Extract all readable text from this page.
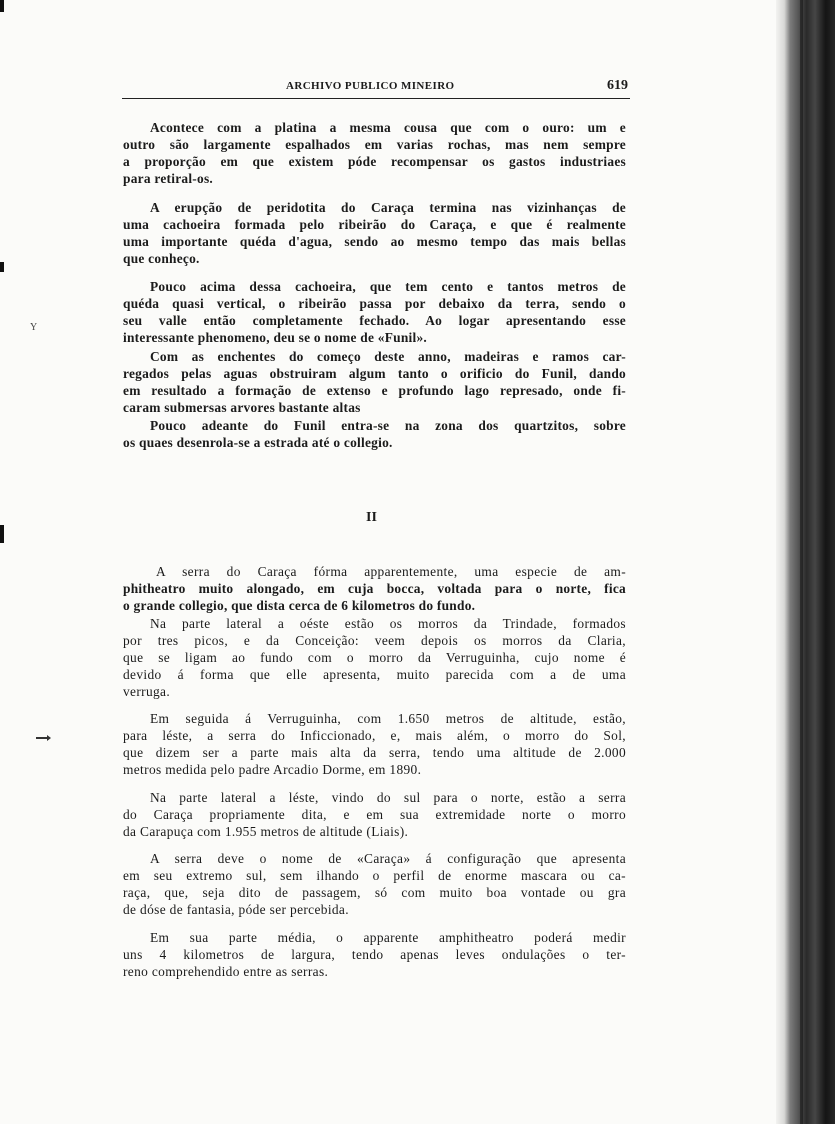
ARCHIVO PUBLICO MINEIRO	619
Y
Acontece com a platina a mesma cousa que com o ouro: um e
outro são largamente espalhados em varias rochas, mas nem sempre
a proporção em que existem póde recompensar os gastos industriaes
para retiral-os.
A erupção de peridotita do Caraça termina nas vizinhanças de
uma cachoeira formada pelo ribeirão do Caraça, e que é realmente
uma importante quéda d'agua, sendo ao mesmo tempo das mais bellas
que conheço.
Pouco acima dessa cachoeira, que tem cento e tantos metros de
quéda quasi vertical, o ribeirão passa por debaixo da terra, sendo o
seu valle então completamente fechado. Ao logar apresentando esse
interessante phenomeno, deu se o nome de «Funil».
Com as enchentes do começo deste anno, madeiras e ramos car-
regados pelas aguas obstruiram algum tanto o orificio do Funil, dando
em resultado a formação de extenso e profundo lago represado, onde fi-
caram submersas arvores bastante altas
Pouco adeante do Funil entra-se na zona dos quartzitos, sobre
os quaes desenrola-se a estrada até o collegio.
II
A serra do Caraça fórma apparentemente, uma especie de am-
phitheatro muito alongado, em cuja bocca, voltada para o norte, fica
o grande collegio, que dista cerca de 6 kilometros do fundo.
Na parte lateral a oéste estão os morros da Trindade, formados
por tres picos, e da Conceição: veem depois os morros da Claria,
que se ligam ao fundo com o morro da Verruguinha, cujo nome é
devido á forma que elle apresenta, muito parecida com a de uma
verruga.
Em seguida á Verruguinha, com 1.650 metros de altitude, estão,
para léste, a serra do Inficcionado, e, mais além, o morro do Sol,
que dizem ser a parte mais alta da serra, tendo uma altitude de 2.000
metros medida pelo padre Arcadio Dorme, em 1890.
Na parte lateral a léste, vindo do sul para o norte, estão a serra
do Caraça propriamente dita, e em sua extremidade norte o morro
da Carapuça com 1.955 metros de altitude (Liais).
A serra deve o nome de «Caraça» á configuração que apresenta
em seu extremo sul, sem ilhando o perfil de enorme mascara ou ca-
raça, que, seja dito de passagem, só com muito boa vontade ou gra
de dóse de fantasia, póde ser percebida.
Em sua parte média, o apparente amphitheatro poderá medir
uns 4 kilometros de largura, tendo apenas leves ondulações o ter-
reno comprehendido entre as serras.
